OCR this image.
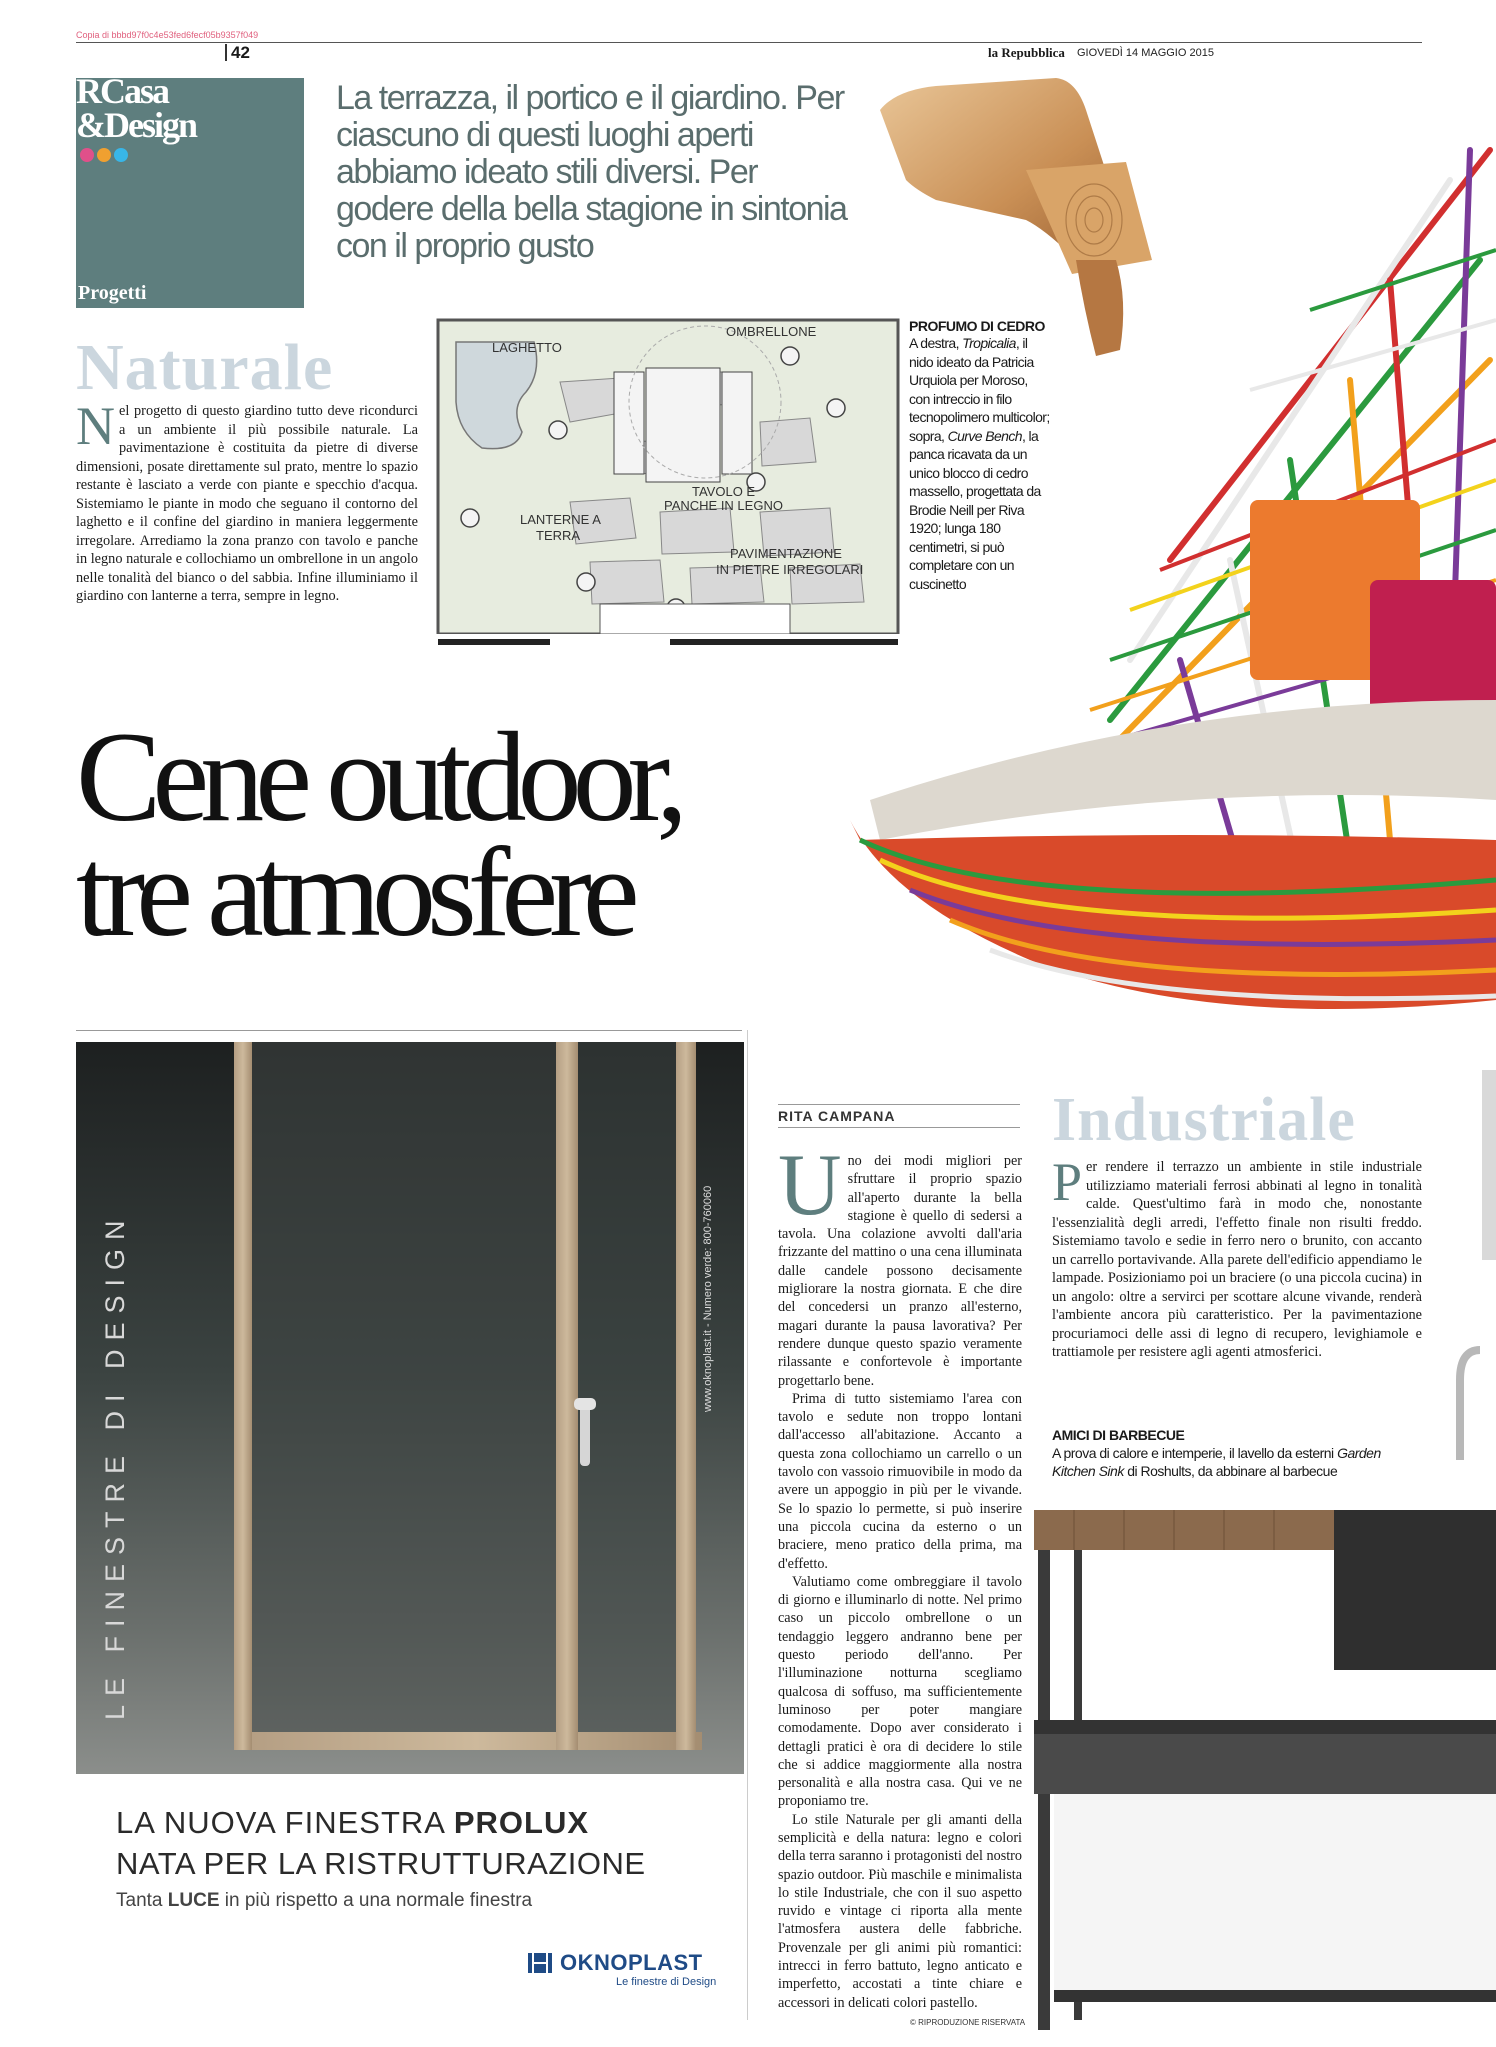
Copia di bbbd97f0c4e53fed6fecf05b9357f049
42	la Repubblica GIOVEDÌ 14 MAGGIO 2015
RCasa
&Design
Progetti
La terrazza, il portico e il giardino. Per ciascuno di questi luoghi aperti abbiamo ideato stili diversi. Per godere della bella stagione in sintonia con il proprio gusto
Naturale
Nel progetto di questo giardino tutto deve ricondurci a un ambiente il più possibile naturale. La pavimentazione è costituita da pietre di diverse dimensioni, posate direttamente sul prato, mentre lo spazio restante è lasciato a verde con piante e specchio d'acqua. Sistemiamo le piante in modo che seguano il contorno del laghetto e il confine del giardino in maniera leggermente irregolare. Arrediamo la zona pranzo con tavolo e panche in legno naturale e collochiamo un ombrellone in un angolo nelle tonalità del bianco o del sabbia. Infine illuminiamo il giardino con lanterne a terra, sempre in legno.
LAGHETTO
OMBRELLONE
TAVOLO E
PANCHE IN LEGNO
LANTERNE A
TERRA
PAVIMENTAZIONE
IN PIETRE IRREGOLARI
PROFUMO DI CEDRO
A destra, Tropicalia, il nido ideato da Patricia Urquiola per Moroso, con intreccio in filo tecnopolimero multicolor; sopra, Curve Bench, la panca ricavata da un unico blocco di cedro massello, progettata da Brodie Neill per Riva 1920; lunga 180 centimetri, si può completare con un cuscinetto
Cene outdoor,
tre atmosfere
LE FINESTRE DI DESIGN	www.oknoplast.it - Numero verde: 800-760060
LA NUOVA FINESTRA PROLUX
NATA PER LA RISTRUTTURAZIONE
Tanta LUCE in più rispetto a una normale finestra
OKNOPLAST
Le finestre di Design
RITA CAMPANA

Uno dei modi migliori per sfruttare il proprio spazio all'aperto durante la bella stagione è quello di sedersi a tavola. Una colazione avvolti dall'aria frizzante del mattino o una cena illuminata dalle candele possono decisamente migliorare la nostra giornata. E che dire del concedersi un pranzo all'esterno, magari durante la pausa lavorativa? Per rendere dunque questo spazio veramente rilassante e confortevole è importante progettarlo bene.

Prima di tutto sistemiamo l'area con tavolo e sedute non troppo lontani dall'accesso all'abitazione. Accanto a questa zona collochiamo un carrello o un tavolo con vassoio rimuovibile in modo da avere un appoggio in più per le vivande. Se lo spazio lo permette, si può inserire una piccola cucina da esterno o un braciere, meno pratico della prima, ma d'effetto.

Valutiamo come ombreggiare il tavolo di giorno e illuminarlo di notte. Nel primo caso un piccolo ombrellone o un tendaggio leggero andranno bene per questo periodo dell'anno. Per l'illuminazione notturna scegliamo qualcosa di soffuso, ma sufficientemente luminoso per poter mangiare comodamente. Dopo aver considerato i dettagli pratici è ora di decidere lo stile che si addice maggiormente alla nostra personalità e alla nostra casa. Qui ve ne proponiamo tre.

Lo stile Naturale per gli amanti della semplicità e della natura: legno e colori della terra saranno i protagonisti del nostro spazio outdoor. Più maschile e minimalista lo stile Industriale, che con il suo aspetto ruvido e vintage ci riporta alla mente l'atmosfera austera delle fabbriche. Provenzale per gli animi più romantici: intrecci in ferro battuto, legno anticato e imperfetto, accostati a tinte chiare e accessori in delicati colori pastello.

© RIPRODUZIONE RISERVATA
Industriale
Per rendere il terrazzo un ambiente in stile industriale utilizziamo materiali ferrosi abbinati al legno in tonalità calde. Quest'ultimo farà in modo che, nonostante l'essenzialità degli arredi, l'effetto finale non risulti freddo. Sistemiamo tavolo e sedie in ferro nero o brunito, con accanto un carrello portavivande. Alla parete dell'edificio appendiamo le lampade. Posizioniamo poi un braciere (o una piccola cucina) in un angolo: oltre a servirci per scottare alcune vivande, renderà l'ambiente ancora più caratteristico. Per la pavimentazione procuriamoci delle assi di legno di recupero, levighiamole e trattiamole per resistere agli agenti atmosferici.
AMICI DI BARBECUE
A prova di calore e intemperie, il lavello da esterni Garden Kitchen Sink di Roshults, da abbinare al barbecue
